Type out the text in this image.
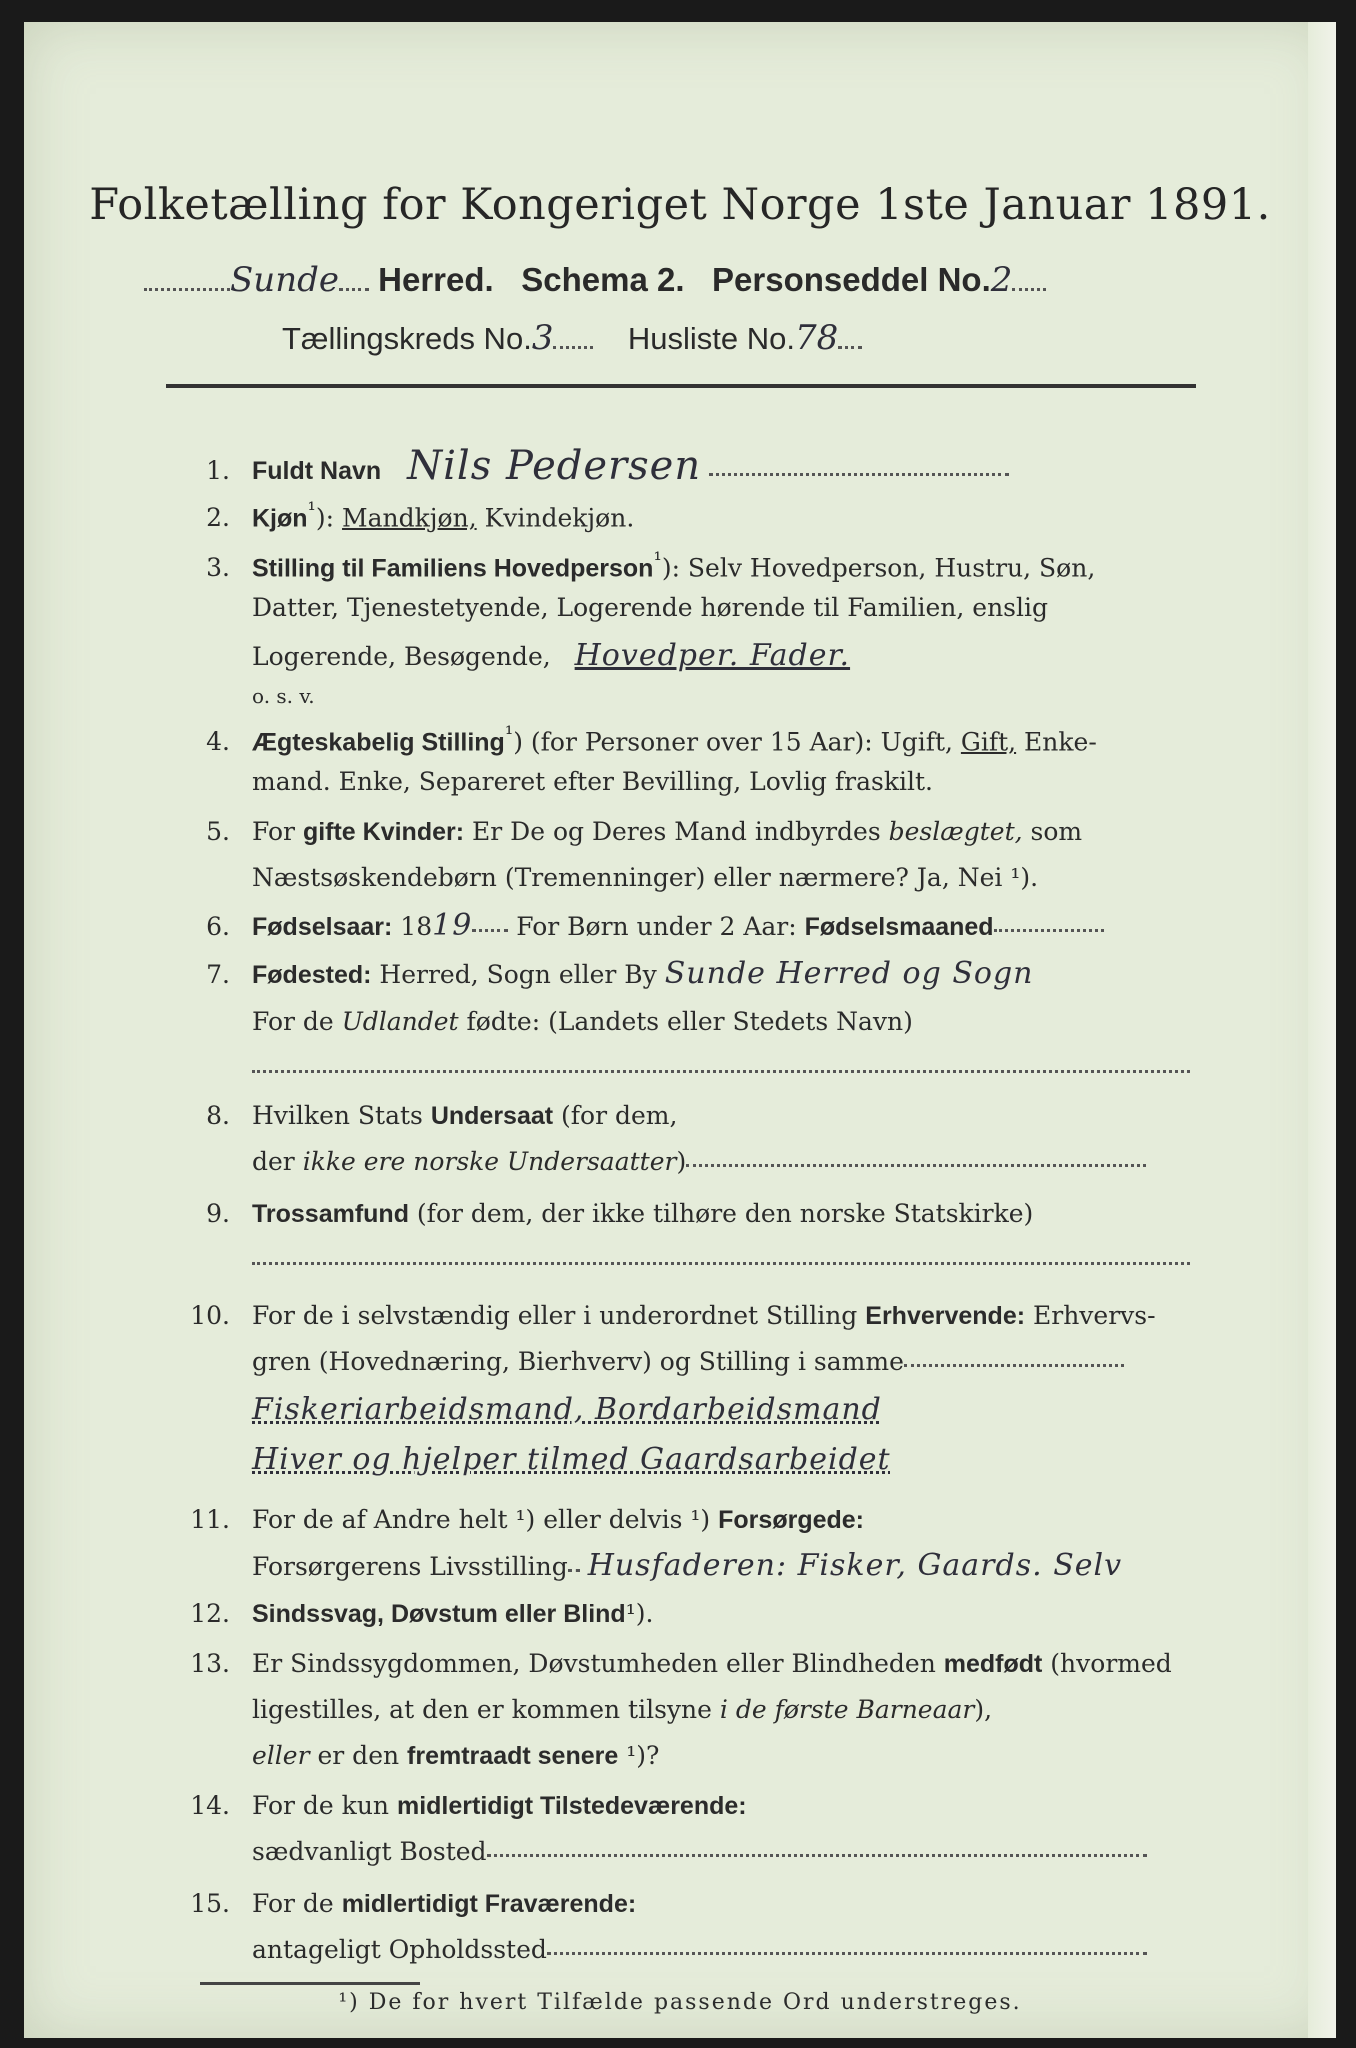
Folketælling for Kongeriget Norge 1ste Januar 1891.
Sunde Herred. Schema 2. Personseddel No.2
Tællingskreds No.3 Husliste No.78
1. Fuldt Navn Nils Pedersen
2. Kjøn$^{^1}$): Mandkjøn, Kvindekjøn.
3. Stilling til Familiens Hovedperson$^{^1}$): Selv Hovedperson, Hustru, Søn,
Datter, Tjenestetyende, Logerende hørende til Familien, enslig
Logerende, Besøgende, Hovedper. Fader.
o. s. v.
4. Ægteskabelig Stilling$^{^1}$) (for Personer over 15 Aar): Ugift, Gift, Enke-
mand. Enke, Separeret efter Bevilling, Lovlig fraskilt.
5. For gifte Kvinder: Er De og Deres Mand indbyrdes beslægtet, som
Næstsøskendebørn (Tremenninger) eller nærmere? Ja, Nei ¹).
6. Fødselsaar: 1819 For Børn under 2 Aar: Fødselsmaaned
7. Fødested: Herred, Sogn eller By Sunde Herred og Sogn
For de Udlandet fødte: (Landets eller Stedets Navn)
8. Hvilken Stats Undersaat (for dem,
der ikke ere norske Undersaatter)
9. Trossamfund (for dem, der ikke tilhøre den norske Statskirke)
10. For de i selvstændig eller i underordnet Stilling Erhvervende: Erhvervs-
gren (Hovednæring, Bierhverv) og Stilling i samme
Fiskeriarbeidsmand, Bordarbeidsmand
Hiver og hjelper tilmed Gaardsarbeidet
11. For de af Andre helt ¹) eller delvis ¹) Forsørgede:
Forsørgerens Livsstilling Husfaderen: Fisker, Gaards. Selv
12. Sindssvag, Døvstum eller Blind¹).
13. Er Sindssygdommen, Døvstumheden eller Blindheden medfødt (hvormed
ligestilles, at den er kommen tilsyne i de første Barneaar),
eller er den fremtraadt senere ¹)?
14. For de kun midlertidigt Tilstedeværende:
sædvanligt Bosted
15. For de midlertidigt Fraværende:
antageligt Opholdssted
¹) De for hvert Tilfælde passende Ord understreges.
